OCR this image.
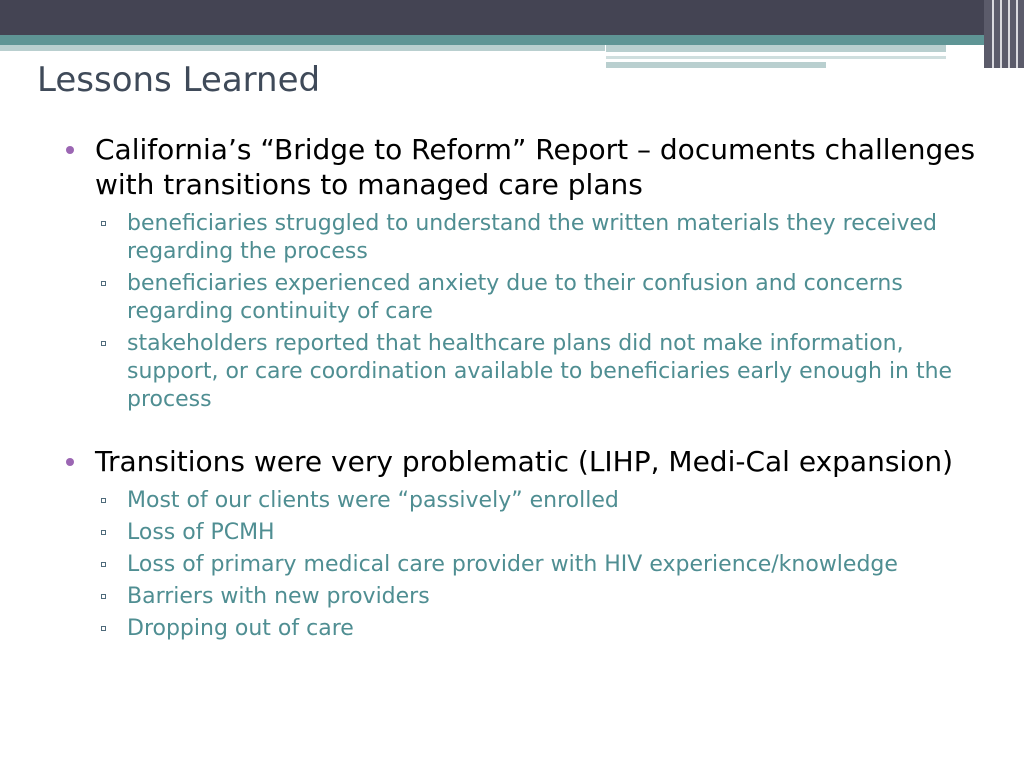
Lessons Learned
California’s “Bridge to Reform” Report – documents challenges with transitions to managed care plans
beneficiaries struggled to understand the written materials they received regarding the process
beneficiaries experienced anxiety due to their confusion and concerns regarding continuity of care
stakeholders reported that healthcare plans did not make information, support, or care coordination available to beneficiaries early enough in the process
Transitions were very problematic (LIHP, Medi-Cal expansion)
Most of our clients were “passively” enrolled
Loss of PCMH
Loss of primary medical care provider with HIV experience/knowledge
Barriers with new providers
Dropping out of care
